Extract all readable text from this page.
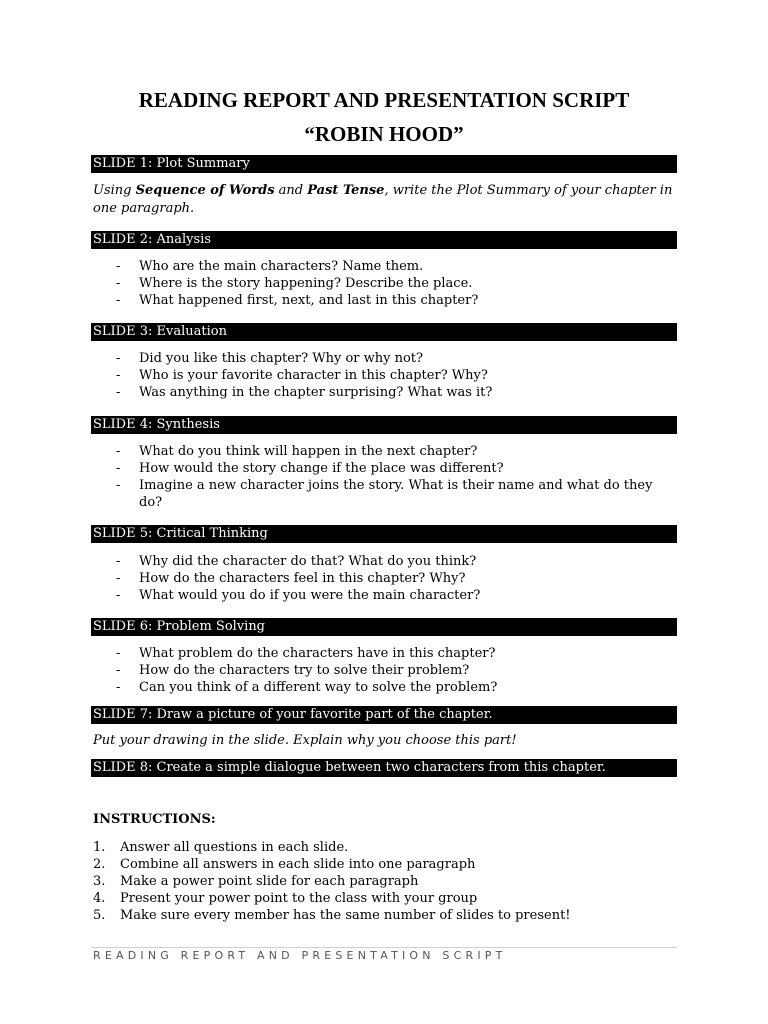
READING REPORT AND PRESENTATION SCRIPT
“ROBIN HOOD”
SLIDE 1: Plot Summary
Using Sequence of Words and Past Tense, write the Plot Summary of your chapter in one paragraph.
SLIDE 2: Analysis
- Who are the main characters? Name them.
- Where is the story happening? Describe the place.
- What happened first, next, and last in this chapter?
SLIDE 3: Evaluation
- Did you like this chapter? Why or why not?
- Who is your favorite character in this chapter? Why?
- Was anything in the chapter surprising? What was it?
SLIDE 4: Synthesis
- What do you think will happen in the next chapter?
- How would the story change if the place was different?
- Imagine a new character joins the story. What is their name and what do they do?
SLIDE 5: Critical Thinking
- Why did the character do that? What do you think?
- How do the characters feel in this chapter? Why?
- What would you do if you were the main character?
SLIDE 6: Problem Solving
- What problem do the characters have in this chapter?
- How do the characters try to solve their problem?
- Can you think of a different way to solve the problem?
SLIDE 7: Draw a picture of your favorite part of the chapter.
Put your drawing in the slide. Explain why you choose this part!
SLIDE 8: Create a simple dialogue between two characters from this chapter.
INSTRUCTIONS:
1. Answer all questions in each slide.
2. Combine all answers in each slide into one paragraph
3. Make a power point slide for each paragraph
4. Present your power point to the class with your group
5. Make sure every member has the same number of slides to present!
READING REPORT AND PRESENTATION SCRIPT
